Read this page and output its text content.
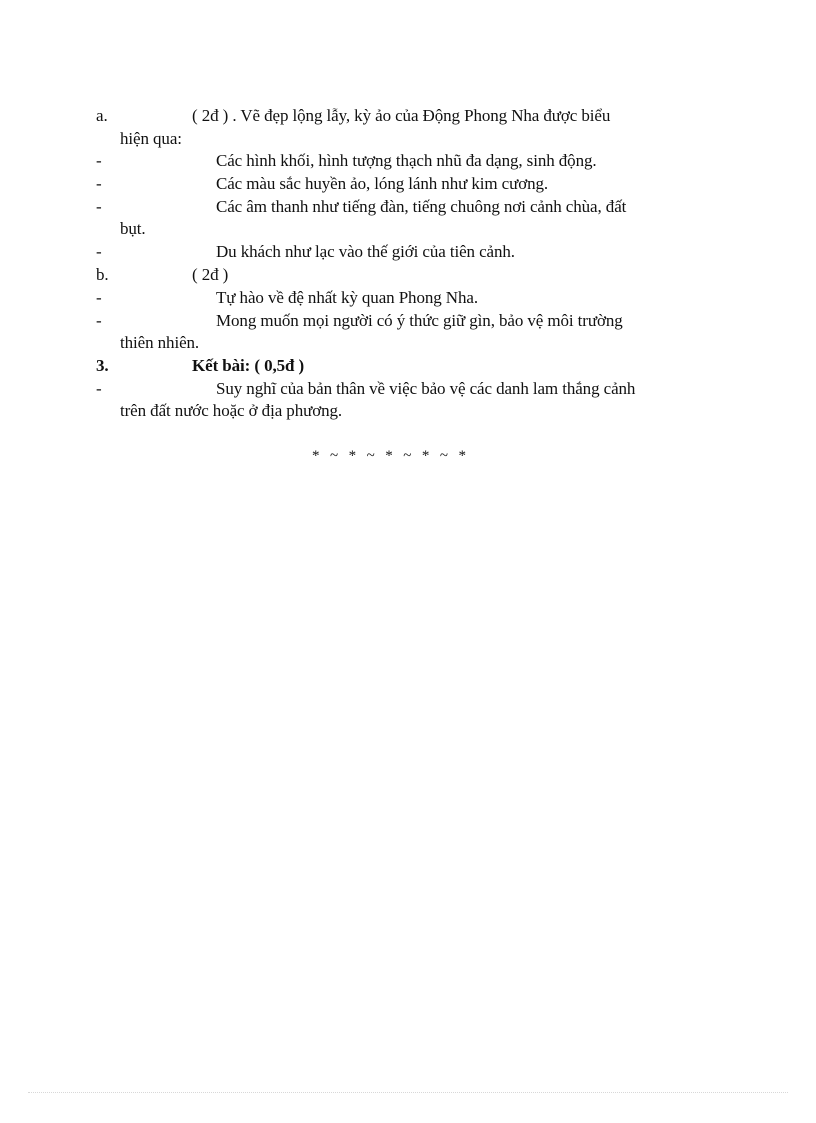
a.	( 2đ ) . Vẽ đẹp lộng lẫy, kỳ ảo của Động Phong Nha được biểu
hiện qua:
-	Các hình khối, hình tượng thạch nhũ đa dạng, sinh động.
-	Các màu sắc huyền ảo, lóng lánh như kim cương.
-	Các âm thanh như tiếng đàn, tiếng chuông nơi cảnh chùa, đất
bụt.
-	Du khách như lạc vào thế giới của tiên cảnh.
b.	( 2đ )
-	Tự hào về đệ nhất kỳ quan Phong Nha.
-	Mong muốn mọi người có ý thức giữ gìn, bảo vệ môi trường
thiên nhiên.
3.	Kết bài: ( 0,5đ )
-	Suy nghĩ của bản thân về việc bảo vệ các danh lam thắng cảnh
trên đất nước hoặc ở địa phương.
*  ~  *  ~  *  ~  *  ~  *
